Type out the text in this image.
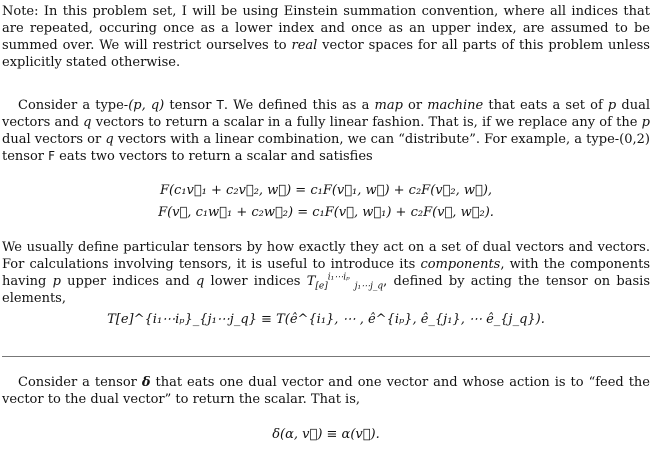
Note: In this problem set, I will be using Einstein summation convention, where all indices that are repeated, occuring once as a lower index and once as an upper index, are assumed to be summed over. We will restrict ourselves to real vector spaces for all parts of this problem unless explicitly stated otherwise.

Consider a type-(p, q) tensor T. We defined this as a map or machine that eats a set of p dual vectors and q vectors to return a scalar in a fully linear fashion. That is, if we replace any of the p dual vectors or q vectors with a linear combination, we can “distribute”. For example, a type-(0,2) tensor F eats two vectors to return a scalar and satisfies

F(c₁v⃗₁ + c₂v⃗₂, w⃗) = c₁F(v⃗₁, w⃗) + c₂F(v⃗₂, w⃗),
F(v⃗, c₁w⃗₁ + c₂w⃗₂) = c₁F(v⃗, w⃗₁) + c₂F(v⃗, w⃗₂).

We usually define particular tensors by how exactly they act on a set of dual vectors and vectors. For calculations involving tensors, it is useful to introduce its components, with the components having p upper indices and q lower indices $T_{[e]}^{i_1\cdots i_p}$ $_{j_1\cdots j\_q}$, defined by acting the tensor on basis elements,

T[e]^{i₁⋯iₚ}_{j₁⋯j_q} ≡ T(ê^{i₁}, ⋯ , ê^{iₚ}, ê_{j₁}, ⋯ ê_{j_q}).

Consider a tensor δ that eats one dual vector and one vector and whose action is to “feed the vector to the dual vector” to return the scalar. That is,

δ(α, v⃗) ≡ α(v⃗).
